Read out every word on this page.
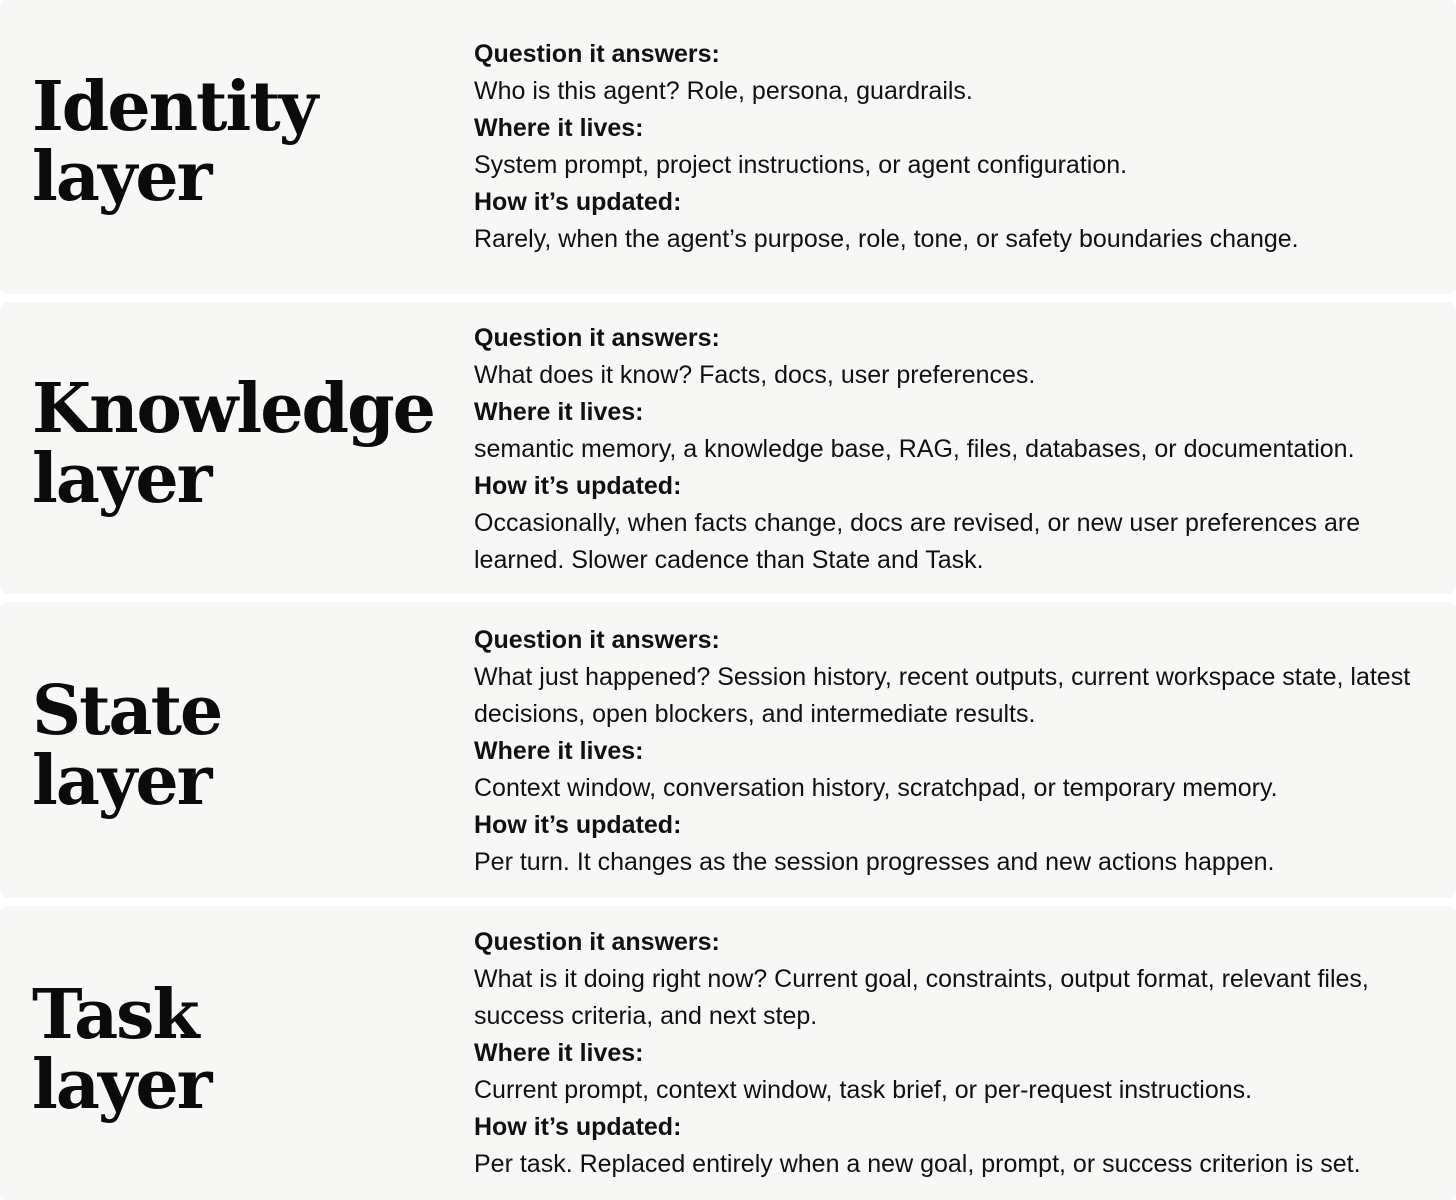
Identity
layer
Question it answers:
Who is this agent? Role, persona, guardrails.
Where it lives:
System prompt, project instructions, or agent configuration.
How it’s updated:
Rarely, when the agent’s purpose, role, tone, or safety boundaries change.
Knowledge
layer
Question it answers:
What does it know? Facts, docs, user preferences.
Where it lives:
semantic memory, a knowledge base, RAG, files, databases, or documentation.
How it’s updated:
Occasionally, when facts change, docs are revised, or new user preferences are learned. Slower cadence than State and Task.
State
layer
Question it answers:
What just happened? Session history, recent outputs, current workspace state, latest decisions, open blockers, and intermediate results.
Where it lives:
Context window, conversation history, scratchpad, or temporary memory.
How it’s updated:
Per turn. It changes as the session progresses and new actions happen.
Task
layer
Question it answers:
What is it doing right now? Current goal, constraints, output format, relevant files, success criteria, and next step.
Where it lives:
Current prompt, context window, task brief, or per-request instructions.
How it’s updated:
Per task. Replaced entirely when a new goal, prompt, or success criterion is set.
